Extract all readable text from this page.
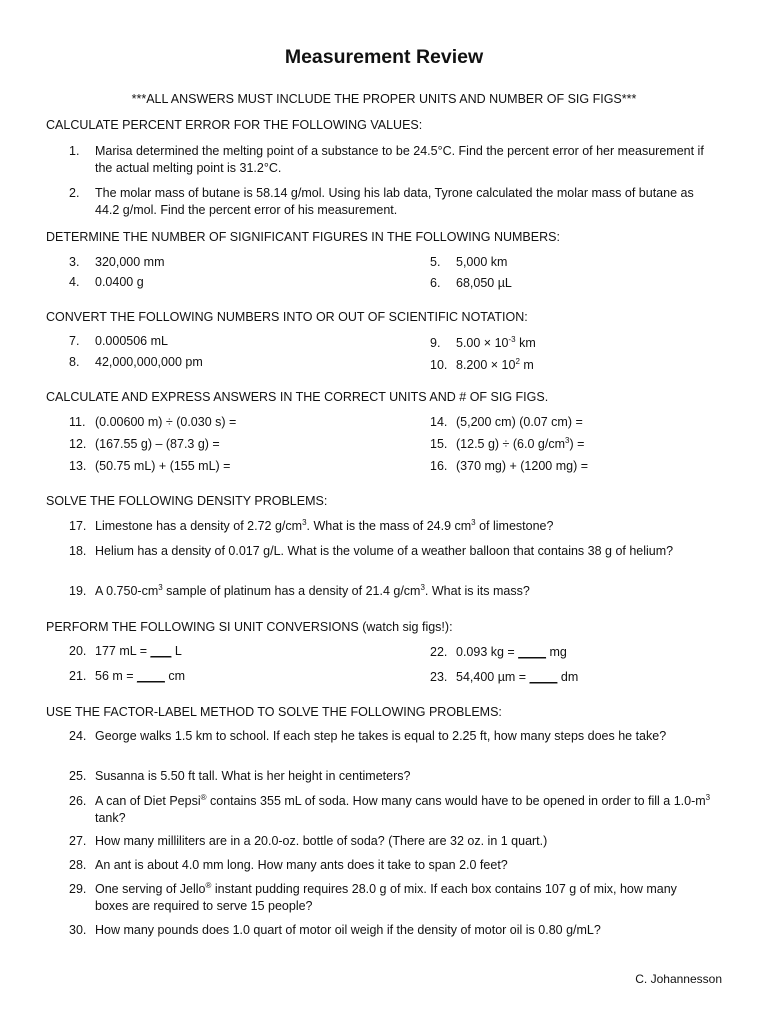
Measurement Review
***ALL ANSWERS MUST INCLUDE THE PROPER UNITS AND NUMBER OF SIG FIGS***
CALCULATE PERCENT ERROR FOR THE FOLLOWING VALUES:
1. Marisa determined the melting point of a substance to be 24.5°C. Find the percent error of her measurement if the actual melting point is 31.2°C.
2. The molar mass of butane is 58.14 g/mol. Using his lab data, Tyrone calculated the molar mass of butane as 44.2 g/mol. Find the percent error of his measurement.
DETERMINE THE NUMBER OF SIGNIFICANT FIGURES IN THE FOLLOWING NUMBERS:
3. 320,000 mm
4. 0.0400 g
5. 5,000 km
6. 68,050 µL
CONVERT THE FOLLOWING NUMBERS INTO OR OUT OF SCIENTIFIC NOTATION:
7. 0.000506 mL
8. 42,000,000,000 pm
9. $5.00 \times 10^{-3}$ km
10. $8.200 \times 10^2$ m
CALCULATE AND EXPRESS ANSWERS IN THE CORRECT UNITS AND # OF SIG FIGS.
11. (0.00600 m) ÷ (0.030 s) =
12. (167.55 g) – (87.3 g) =
13. (50.75 mL) + (155 mL) =
14. (5,200 cm) (0.07 cm) =
15. (12.5 g) ÷ (6.0 $g/cm^3$) =
16. (370 mg) + (1200 mg) =
SOLVE THE FOLLOWING DENSITY PROBLEMS:
17. Limestone has a density of 2.72 $g/cm^3$. What is the mass of 24.9 $cm^3$ of limestone?
18. Helium has a density of 0.017 g/L. What is the volume of a weather balloon that contains 38 g of helium?
19. A $0.750-cm^3$ sample of platinum has a density of 21.4 $g/cm^3$. What is its mass?
PERFORM THE FOLLOWING SI UNIT CONVERSIONS (watch sig figs!):
20. 177 mL = ___ L
21. 56 m = ____ cm
22. 0.093 kg = ____ mg
23. 54,400 µm = ____ dm
USE THE FACTOR-LABEL METHOD TO SOLVE THE FOLLOWING PROBLEMS:
24. George walks 1.5 km to school. If each step he takes is equal to 2.25 ft, how many steps does he take?
25. Susanna is 5.50 ft tall. What is her height in centimeters?
26. A can of Diet Pepsi® contains 355 mL of soda. How many cans would have to be opened in order to fill a $1.0-m^3$ tank?
27. How many milliliters are in a 20.0-oz. bottle of soda? (There are 32 oz. in 1 quart.)
28. An ant is about 4.0 mm long. How many ants does it take to span 2.0 feet?
29. One serving of Jello® instant pudding requires 28.0 g of mix. If each box contains 107 g of mix, how many boxes are required to serve 15 people?
30. How many pounds does 1.0 quart of motor oil weigh if the density of motor oil is 0.80 g/mL?
C. Johannesson
